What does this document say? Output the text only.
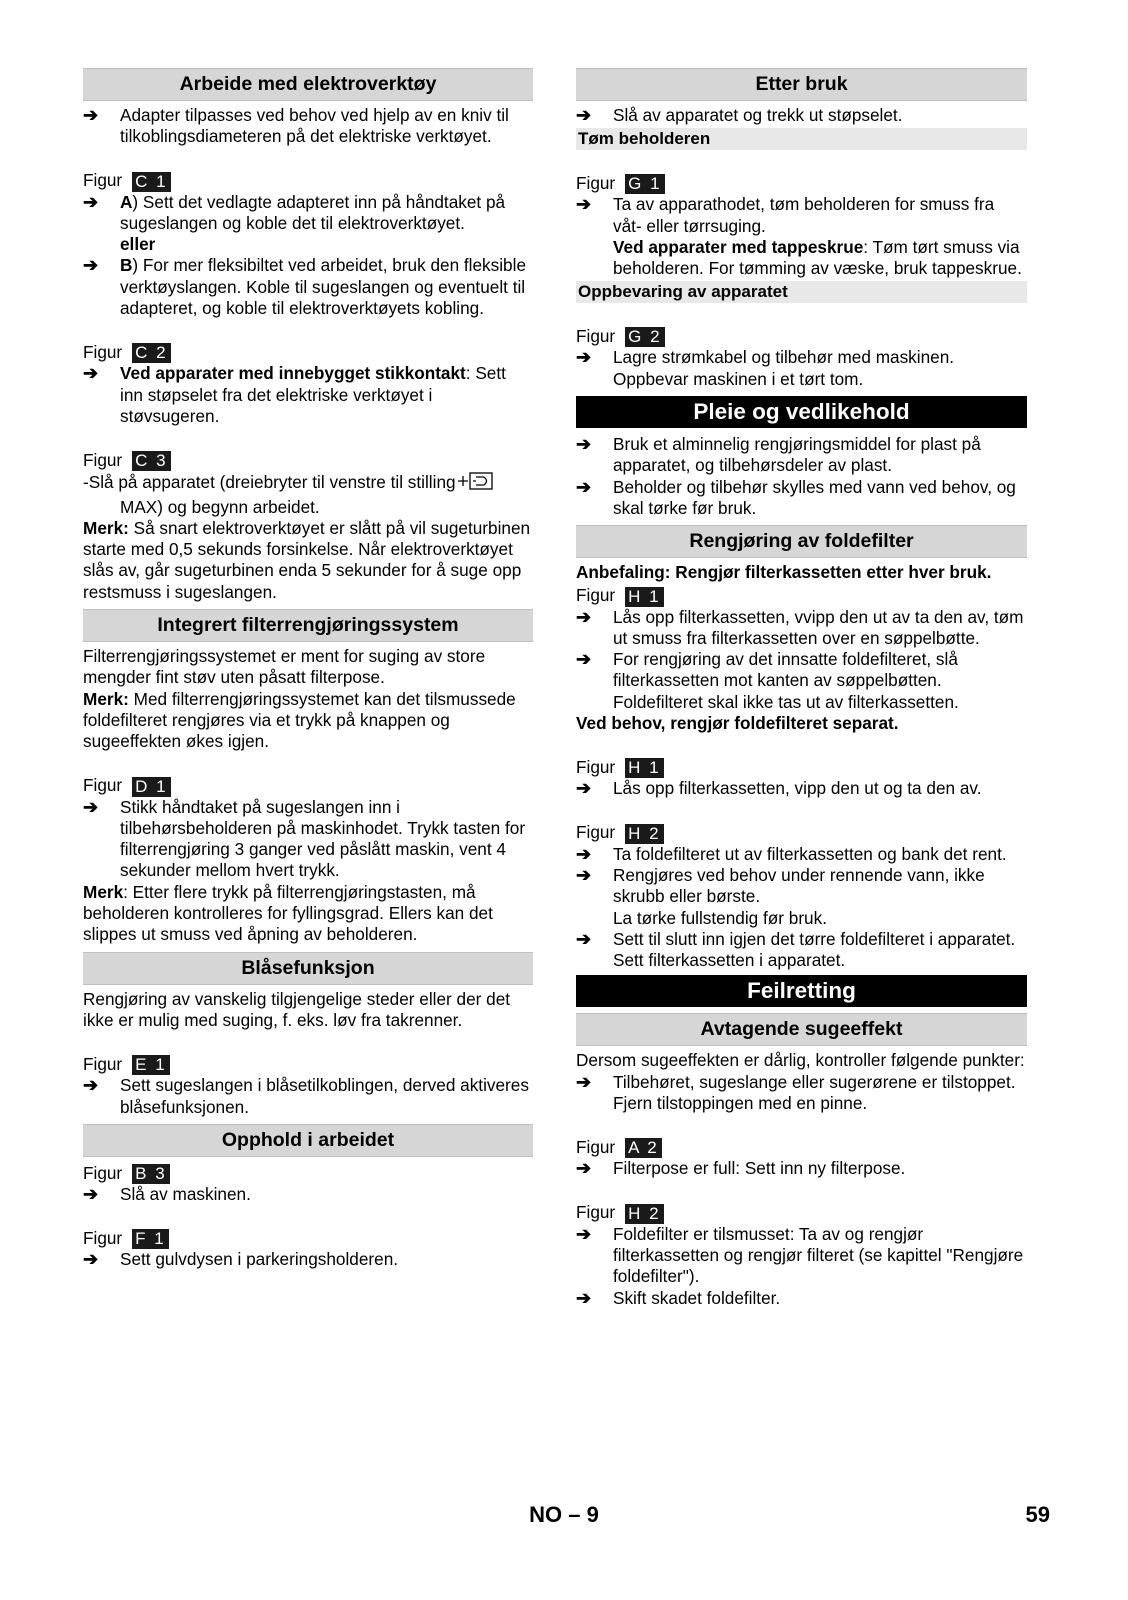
Arbeide med elektroverktøy
➔ Adapter tilpasses ved behov ved hjelp av en kniv til tilkoblingsdiameteren på det elektriske verktøyet.
Figur C 1
➔ A) Sett det vedlagte adapteret inn på håndtaket på sugeslangen og koble det til elektroverktøyet.
eller
➔ B) For mer fleksibiltet ved arbeidet, bruk den fleksible verktøyslangen. Koble til sugeslangen og eventuelt til adapteret, og koble til elektroverktøyets kobling.
Figur C 2
➔ Ved apparater med innebygget stikkontakt: Sett inn støpselet fra det elektriske verktøyet i støvsugeren.
Figur C 3
-Slå på apparatet (dreiebryter til venstre til stilling
MAX) og begynn arbeidet.
Merk: Så snart elektroverktøyet er slått på vil sugeturbinen starte med 0,5 sekunds forsinkelse. Når elektroverktøyet slås av, går sugeturbinen enda 5 sekunder for å suge opp restsmuss i sugeslangen.
Integrert filterrengjøringssystem
Filterrengjøringssystemet er ment for suging av store mengder fint støv uten påsatt filterpose.
Merk: Med filterrengjøringssystemet kan det tilsmussede foldefilteret rengjøres via et trykk på knappen og sugeeffekten økes igjen.
Figur D 1
➔ Stikk håndtaket på sugeslangen inn i tilbehørsbeholderen på maskinhodet. Trykk tasten for filterrengjøring 3 ganger ved påslått maskin, vent 4 sekunder mellom hvert trykk.
Merk: Etter flere trykk på filterrengjøringstasten, må beholderen kontrolleres for fyllingsgrad. Ellers kan det slippes ut smuss ved åpning av beholderen.
Blåsefunksjon
Rengjøring av vanskelig tilgjengelige steder eller der det ikke er mulig med suging, f. eks. løv fra takrenner.
Figur E 1
➔ Sett sugeslangen i blåsetilkoblingen, derved aktiveres blåsefunksjonen.
Opphold i arbeidet
Figur B 3
➔ Slå av maskinen.
Figur F 1
➔ Sett gulvdysen i parkeringsholderen.
Etter bruk
➔ Slå av apparatet og trekk ut støpselet.
Tøm beholderen
Figur G 1
➔ Ta av apparathodet, tøm beholderen for smuss fra våt- eller tørrsuging.
Ved apparater med tappeskrue: Tøm tørt smuss via beholderen. For tømming av væske, bruk tappeskrue.
Oppbevaring av apparatet
Figur G 2
➔ Lagre strømkabel og tilbehør med maskinen. Oppbevar maskinen i et tørt tom.
Pleie og vedlikehold
➔ Bruk et alminnelig rengjøringsmiddel for plast på apparatet, og tilbehørsdeler av plast.
➔ Beholder og tilbehør skylles med vann ved behov, og skal tørke før bruk.
Rengjøring av foldefilter
Anbefaling: Rengjør filterkassetten etter hver bruk.
Figur H 1
➔ Lås opp filterkassetten, vvipp den ut av ta den av, tøm ut smuss fra filterkassetten over en søppelbøtte.
➔ For rengjøring av det innsatte foldefilteret, slå filterkassetten mot kanten av søppelbøtten. Foldefilteret skal ikke tas ut av filterkassetten.
Ved behov, rengjør foldefilteret separat.
Figur H 1
➔ Lås opp filterkassetten, vipp den ut og ta den av.
Figur H 2
➔ Ta foldefilteret ut av filterkassetten og bank det rent.
➔ Rengjøres ved behov under rennende vann, ikke skrubb eller børste.
La tørke fullstendig før bruk.
➔ Sett til slutt inn igjen det tørre foldefilteret i apparatet. Sett filterkassetten i apparatet.
Feilretting
Avtagende sugeeffekt
Dersom sugeeffekten er dårlig, kontroller følgende punkter:
➔ Tilbehøret, sugeslange eller sugerørene er tilstoppet. Fjern tilstoppingen med en pinne.
Figur A 2
➔ Filterpose er full: Sett inn ny filterpose.
Figur H 2
➔ Foldefilter er tilsmusset: Ta av og rengjør filterkassetten og rengjør filteret (se kapittel "Rengjøre foldefilter").
➔ Skift skadet foldefilter.
NO – 9	59
